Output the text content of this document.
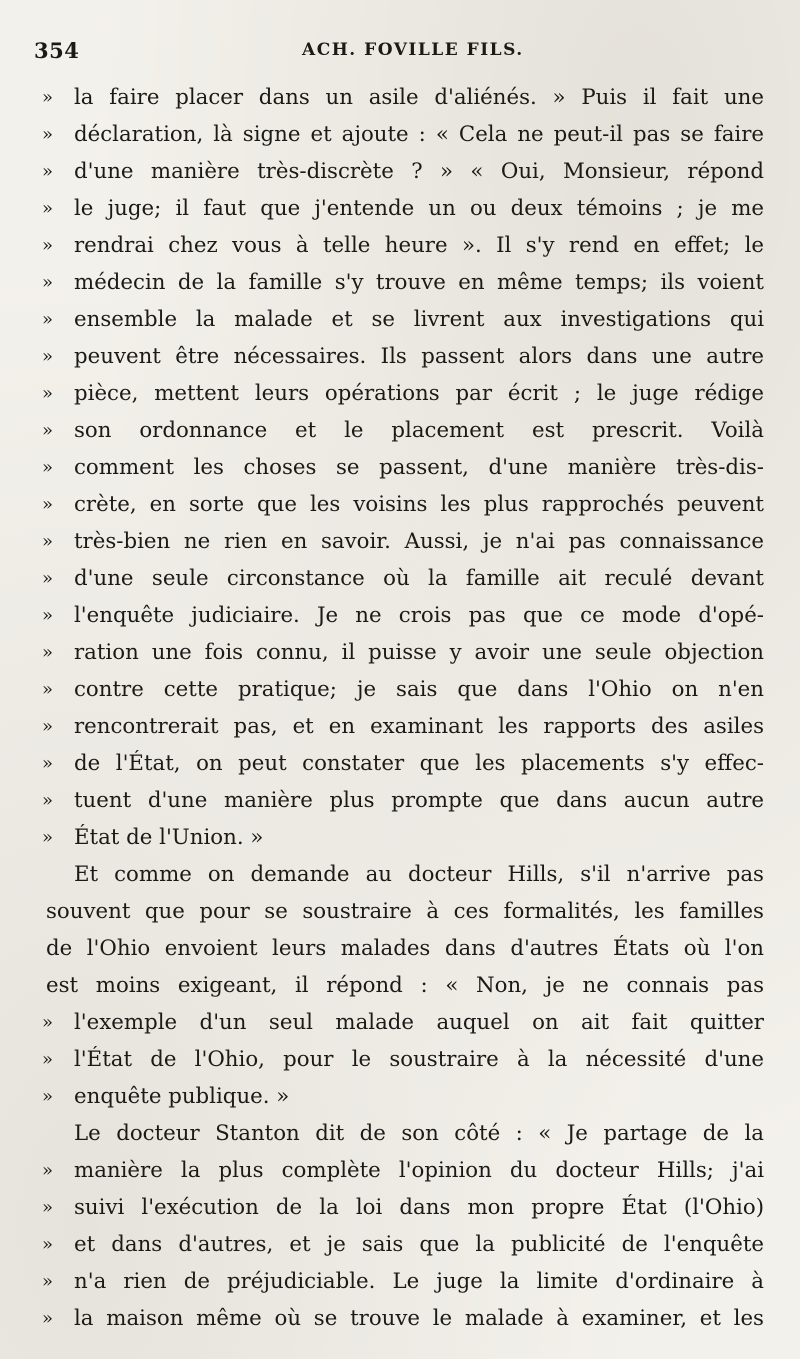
354	ACH. FOVILLE FILS.
» la faire placer dans un asile d'aliénés. » Puis il fait une
» déclaration, là signe et ajoute : « Cela ne peut-il pas se faire
» d'une manière très-discrète ? » « Oui, Monsieur, répond
» le juge; il faut que j'entende un ou deux témoins ; je me
» rendrai chez vous à telle heure ». Il s'y rend en effet; le
» médecin de la famille s'y trouve en même temps; ils voient
» ensemble la malade et se livrent aux investigations qui
» peuvent être nécessaires. Ils passent alors dans une autre
» pièce, mettent leurs opérations par écrit ; le juge rédige
» son ordonnance et le placement est prescrit. Voilà
» comment les choses se passent, d'une manière très-dis-
» crète, en sorte que les voisins les plus rapprochés peuvent
» très-bien ne rien en savoir. Aussi, je n'ai pas connaissance
» d'une seule circonstance où la famille ait reculé devant
» l'enquête judiciaire. Je ne crois pas que ce mode d'opé-
» ration une fois connu, il puisse y avoir une seule objection
» contre cette pratique; je sais que dans l'Ohio on n'en
» rencontrerait pas, et en examinant les rapports des asiles
» de l'État, on peut constater que les placements s'y effec-
» tuent d'une manière plus prompte que dans aucun autre
» État de l'Union. »
Et comme on demande au docteur Hills, s'il n'arrive pas
souvent que pour se soustraire à ces formalités, les familles
de l'Ohio envoient leurs malades dans d'autres États où l'on
est moins exigeant, il répond : « Non, je ne connais pas
» l'exemple d'un seul malade auquel on ait fait quitter
» l'État de l'Ohio, pour le soustraire à la nécessité d'une
» enquête publique. »
Le docteur Stanton dit de son côté : « Je partage de la
» manière la plus complète l'opinion du docteur Hills; j'ai
» suivi l'exécution de la loi dans mon propre État (l'Ohio)
» et dans d'autres, et je sais que la publicité de l'enquête
» n'a rien de préjudiciable. Le juge la limite d'ordinaire à
» la maison même où se trouve le malade à examiner, et les
